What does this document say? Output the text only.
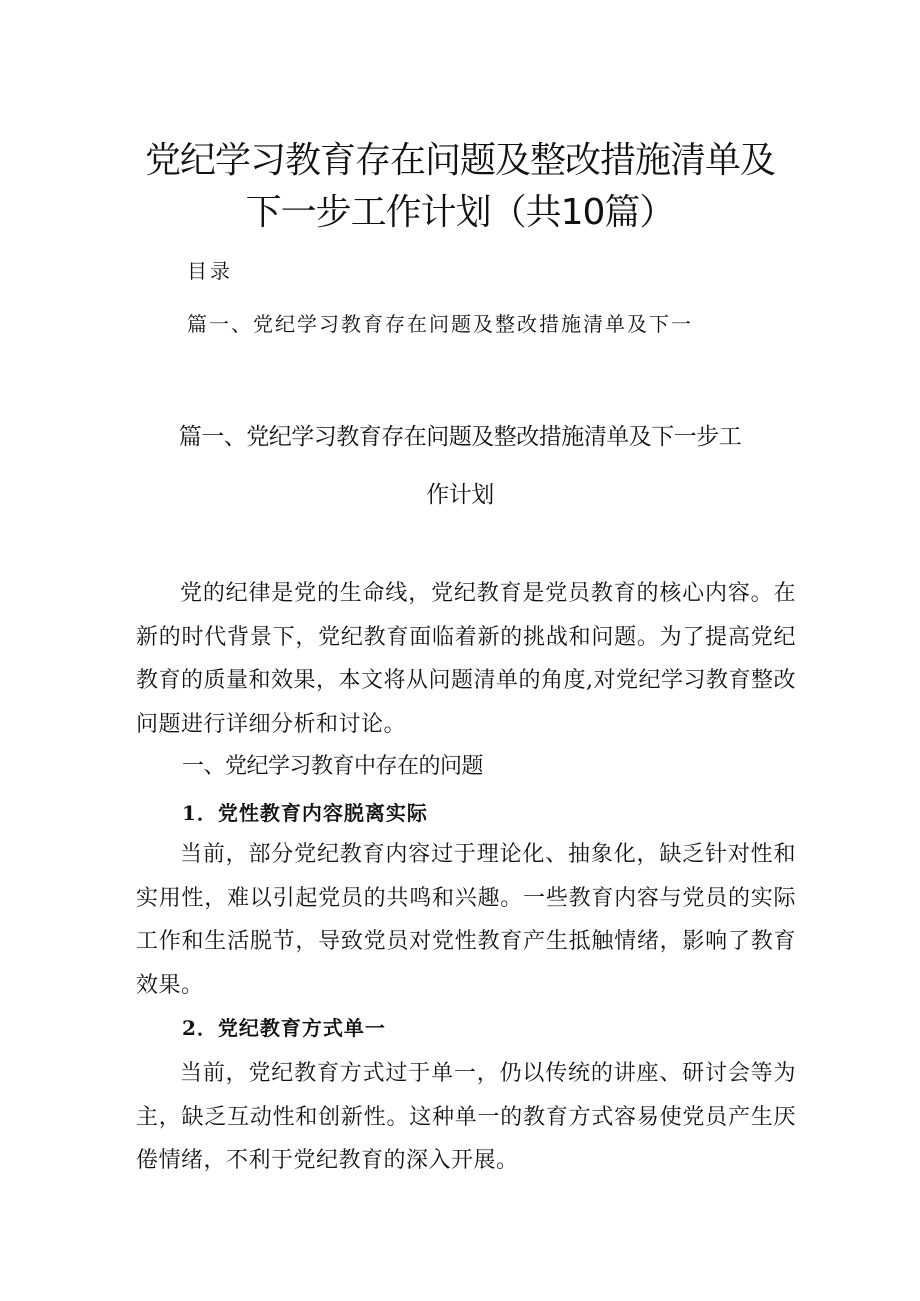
党纪学习教育存在问题及整改措施清单及
下一步工作计划（共10篇）
目录
篇一、党纪学习教育存在问题及整改措施清单及下一
篇一、党纪学习教育存在问题及整改措施清单及下一步工
作计划

党的纪律是党的生命线，党纪教育是党员教育的核心内容。在新的时代背景下，党纪教育面临着新的挑战和问题。为了提高党纪教育的质量和效果，本文将从问题清单的角度,对党纪学习教育整改问题进行详细分析和讨论。

一、党纪学习教育中存在的问题
1．党性教育内容脱离实际

当前，部分党纪教育内容过于理论化、抽象化，缺乏针对性和实用性，难以引起党员的共鸣和兴趣。一些教育内容与党员的实际工作和生活脱节，导致党员对党性教育产生抵触情绪，影响了教育效果。

2．党纪教育方式单一

当前，党纪教育方式过于单一，仍以传统的讲座、研讨会等为主，缺乏互动性和创新性。这种单一的教育方式容易使党员产生厌倦情绪，不利于党纪教育的深入开展。
